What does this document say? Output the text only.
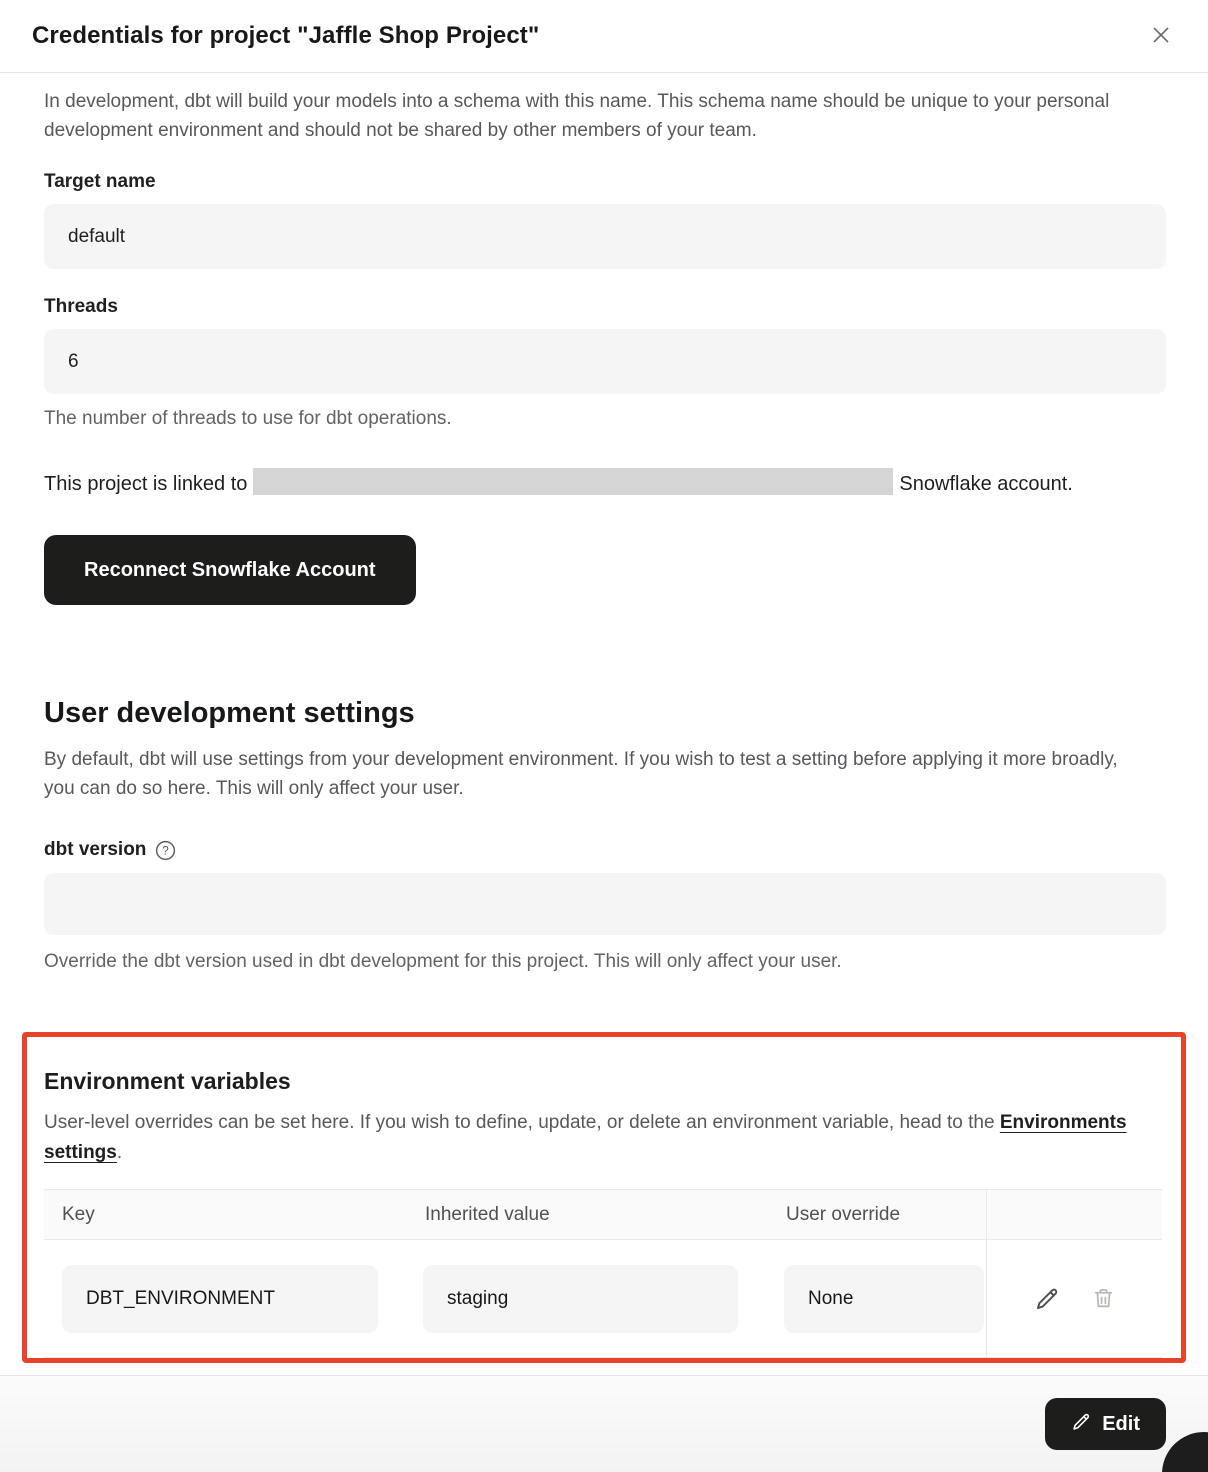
Credentials for project "Jaffle Shop Project"

In development, dbt will build your models into a schema with this name. This schema name should be unique to your personal development environment and should not be shared by other members of your team.

Target name
default
Threads
6

The number of threads to use for dbt operations.

This project is linked to	Snowflake account.

Reconnect Snowflake Account
User development settings

By default, dbt will use settings from your development environment. If you wish to test a setting before applying it more broadly, you can do so here. This will only affect your user.

dbt version ?

Override the dbt version used in dbt development for this project. This will only affect your user.

Environment variables

User-level overrides can be set here. If you wish to define, update, or delete an environment variable, head to the Environments settings.

Key	Inherited value	User override
DBT_ENVIRONMENT	staging	None
Edit
